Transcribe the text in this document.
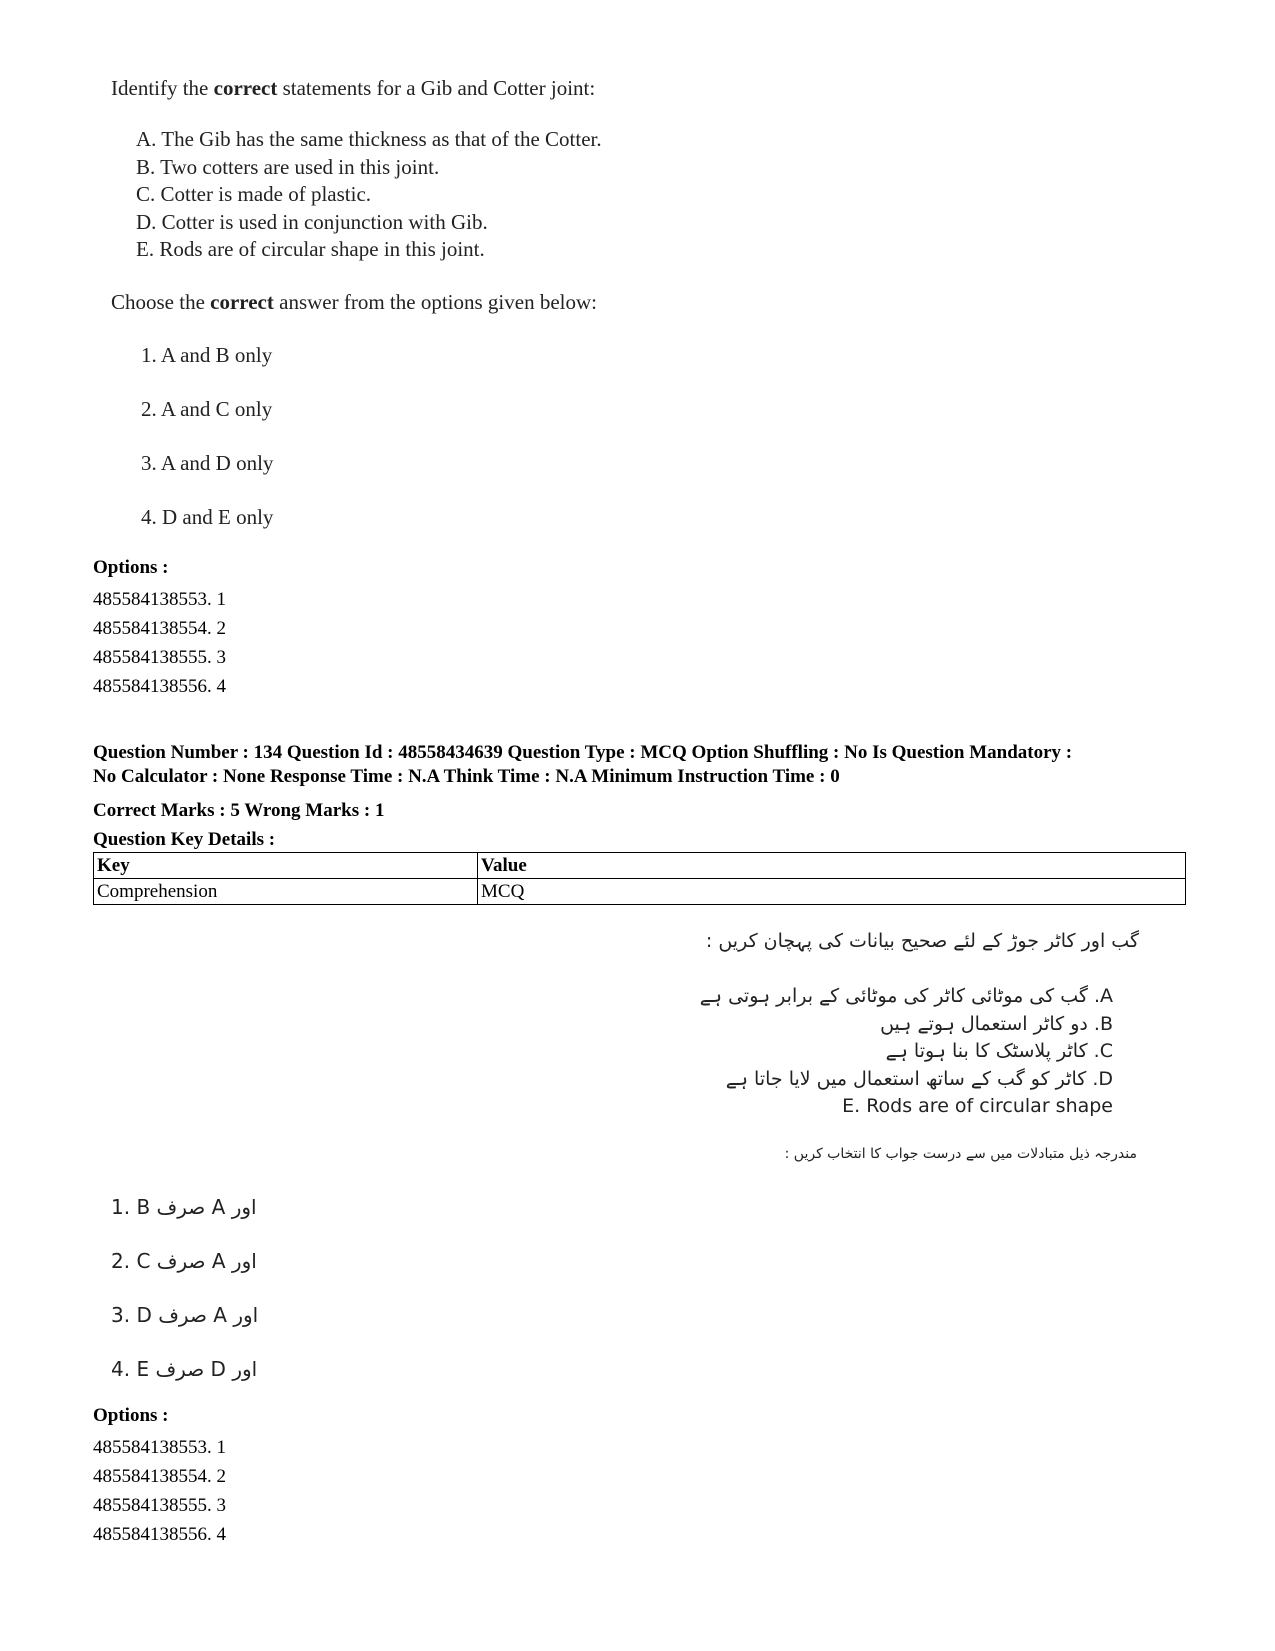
Identify the correct statements for a Gib and Cotter joint:
A. The Gib has the same thickness as that of the Cotter.
B. Two cotters are used in this joint.
C. Cotter is made of plastic.
D. Cotter is used in conjunction with Gib.
E. Rods are of circular shape in this joint.
Choose the correct answer from the options given below:
1. A and B only
2. A and C only
3. A and D only
4. D and E only
Options :
485584138553. 1
485584138554. 2
485584138555. 3
485584138556. 4
Question Number : 134 Question Id : 48558434639 Question Type : MCQ Option Shuffling : No Is Question Mandatory :
No Calculator : None Response Time : N.A Think Time : N.A Minimum Instruction Time : 0
Correct Marks : 5 Wrong Marks : 1
Question Key Details :
Key	Value
Comprehension	MCQ
گب اور کاٹر جوڑ کے لئے صحیح بیانات کی پہچان کریں :
A. گب کی موٹائی کاٹر کی موٹائی کے برابر ہوتی ہے
B. دو کاٹر استعمال ہوتے ہیں
C. کاٹر پلاسٹک کا بنا ہوتا ہے
D. کاٹر کو گب کے ساتھ استعمال میں لایا جاتا ہے
E. Rods are of circular shape
مندرجہ ذیل متبادلات میں سے درست جواب کا انتخاب کریں :
1. B صرف A اور
2. C صرف A اور
3. D صرف A اور
4. E صرف D اور
Options :
485584138553. 1
485584138554. 2
485584138555. 3
485584138556. 4
